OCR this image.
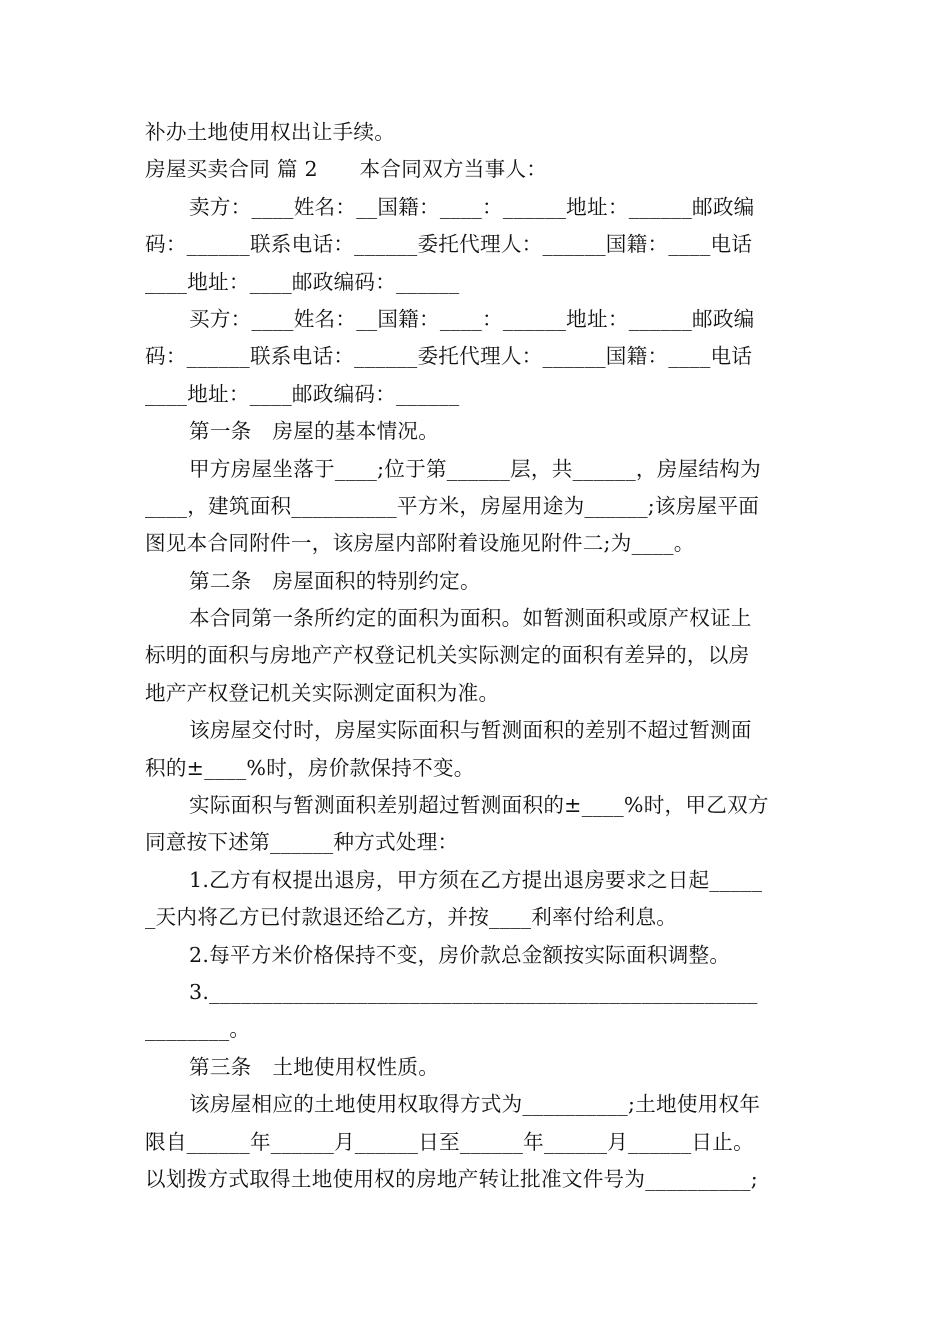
补办土地使用权出让手续。
房屋买卖合同 篇 2　　本合同双方当事人：
卖方：____姓名：__国籍：____：______地址：______邮政编
码：______联系电话：______委托代理人：______国籍：____电话
____地址：____邮政编码：______
买方：____姓名：__国籍：____：______地址：______邮政编
码：______联系电话：______委托代理人：______国籍：____电话
____地址：____邮政编码：______
第一条　房屋的基本情况。
甲方房屋坐落于____;位于第______层，共______，房屋结构为
____，建筑面积__________平方米，房屋用途为______;该房屋平面
图见本合同附件一，该房屋内部附着设施见附件二;为____。
第二条　房屋面积的特别约定。
本合同第一条所约定的面积为面积。如暂测面积或原产权证上
标明的面积与房地产产权登记机关实际测定的面积有差异的，以房
地产产权登记机关实际测定面积为准。
该房屋交付时，房屋实际面积与暂测面积的差别不超过暂测面
积的±____%时，房价款保持不变。
实际面积与暂测面积差别超过暂测面积的±____%时，甲乙双方
同意按下述第______种方式处理：
1.乙方有权提出退房，甲方须在乙方提出退房要求之日起_____
_天内将乙方已付款退还给乙方，并按____利率付给利息。
2.每平方米价格保持不变，房价款总金额按实际面积调整。
3.____________________________________________________
________。
第三条　土地使用权性质。
该房屋相应的土地使用权取得方式为__________;土地使用权年
限自______年______月______日至______年______月______日止。
以划拨方式取得土地使用权的房地产转让批准文件号为__________;
